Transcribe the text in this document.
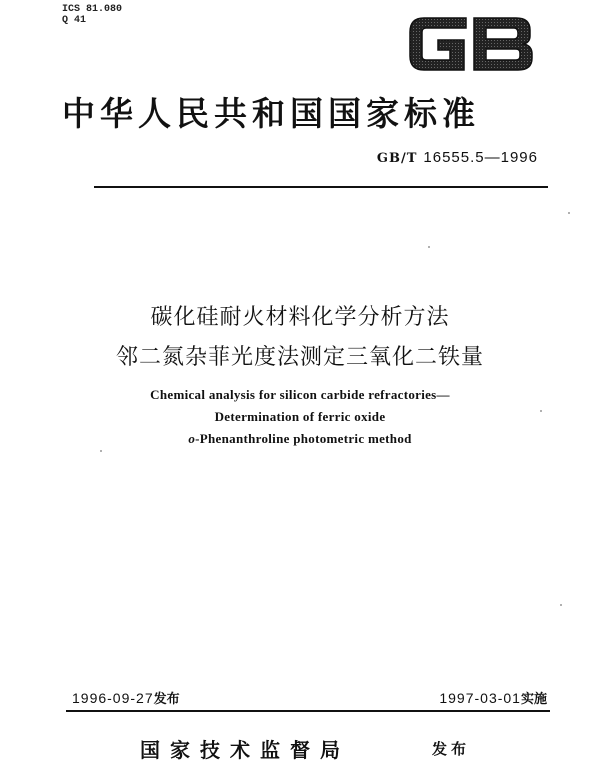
ICS 81.080
Q 41
中华人民共和国国家标准
GB/T 16555.5—1996
碳化硅耐火材料化学分析方法
邻二氮杂菲光度法测定三氧化二铁量
Chemical analysis for silicon carbide refractories—
Determination of ferric oxide
o-Phenanthroline photometric method
1996-09-27发布	1997-03-01实施
国家技术监督局	发布
